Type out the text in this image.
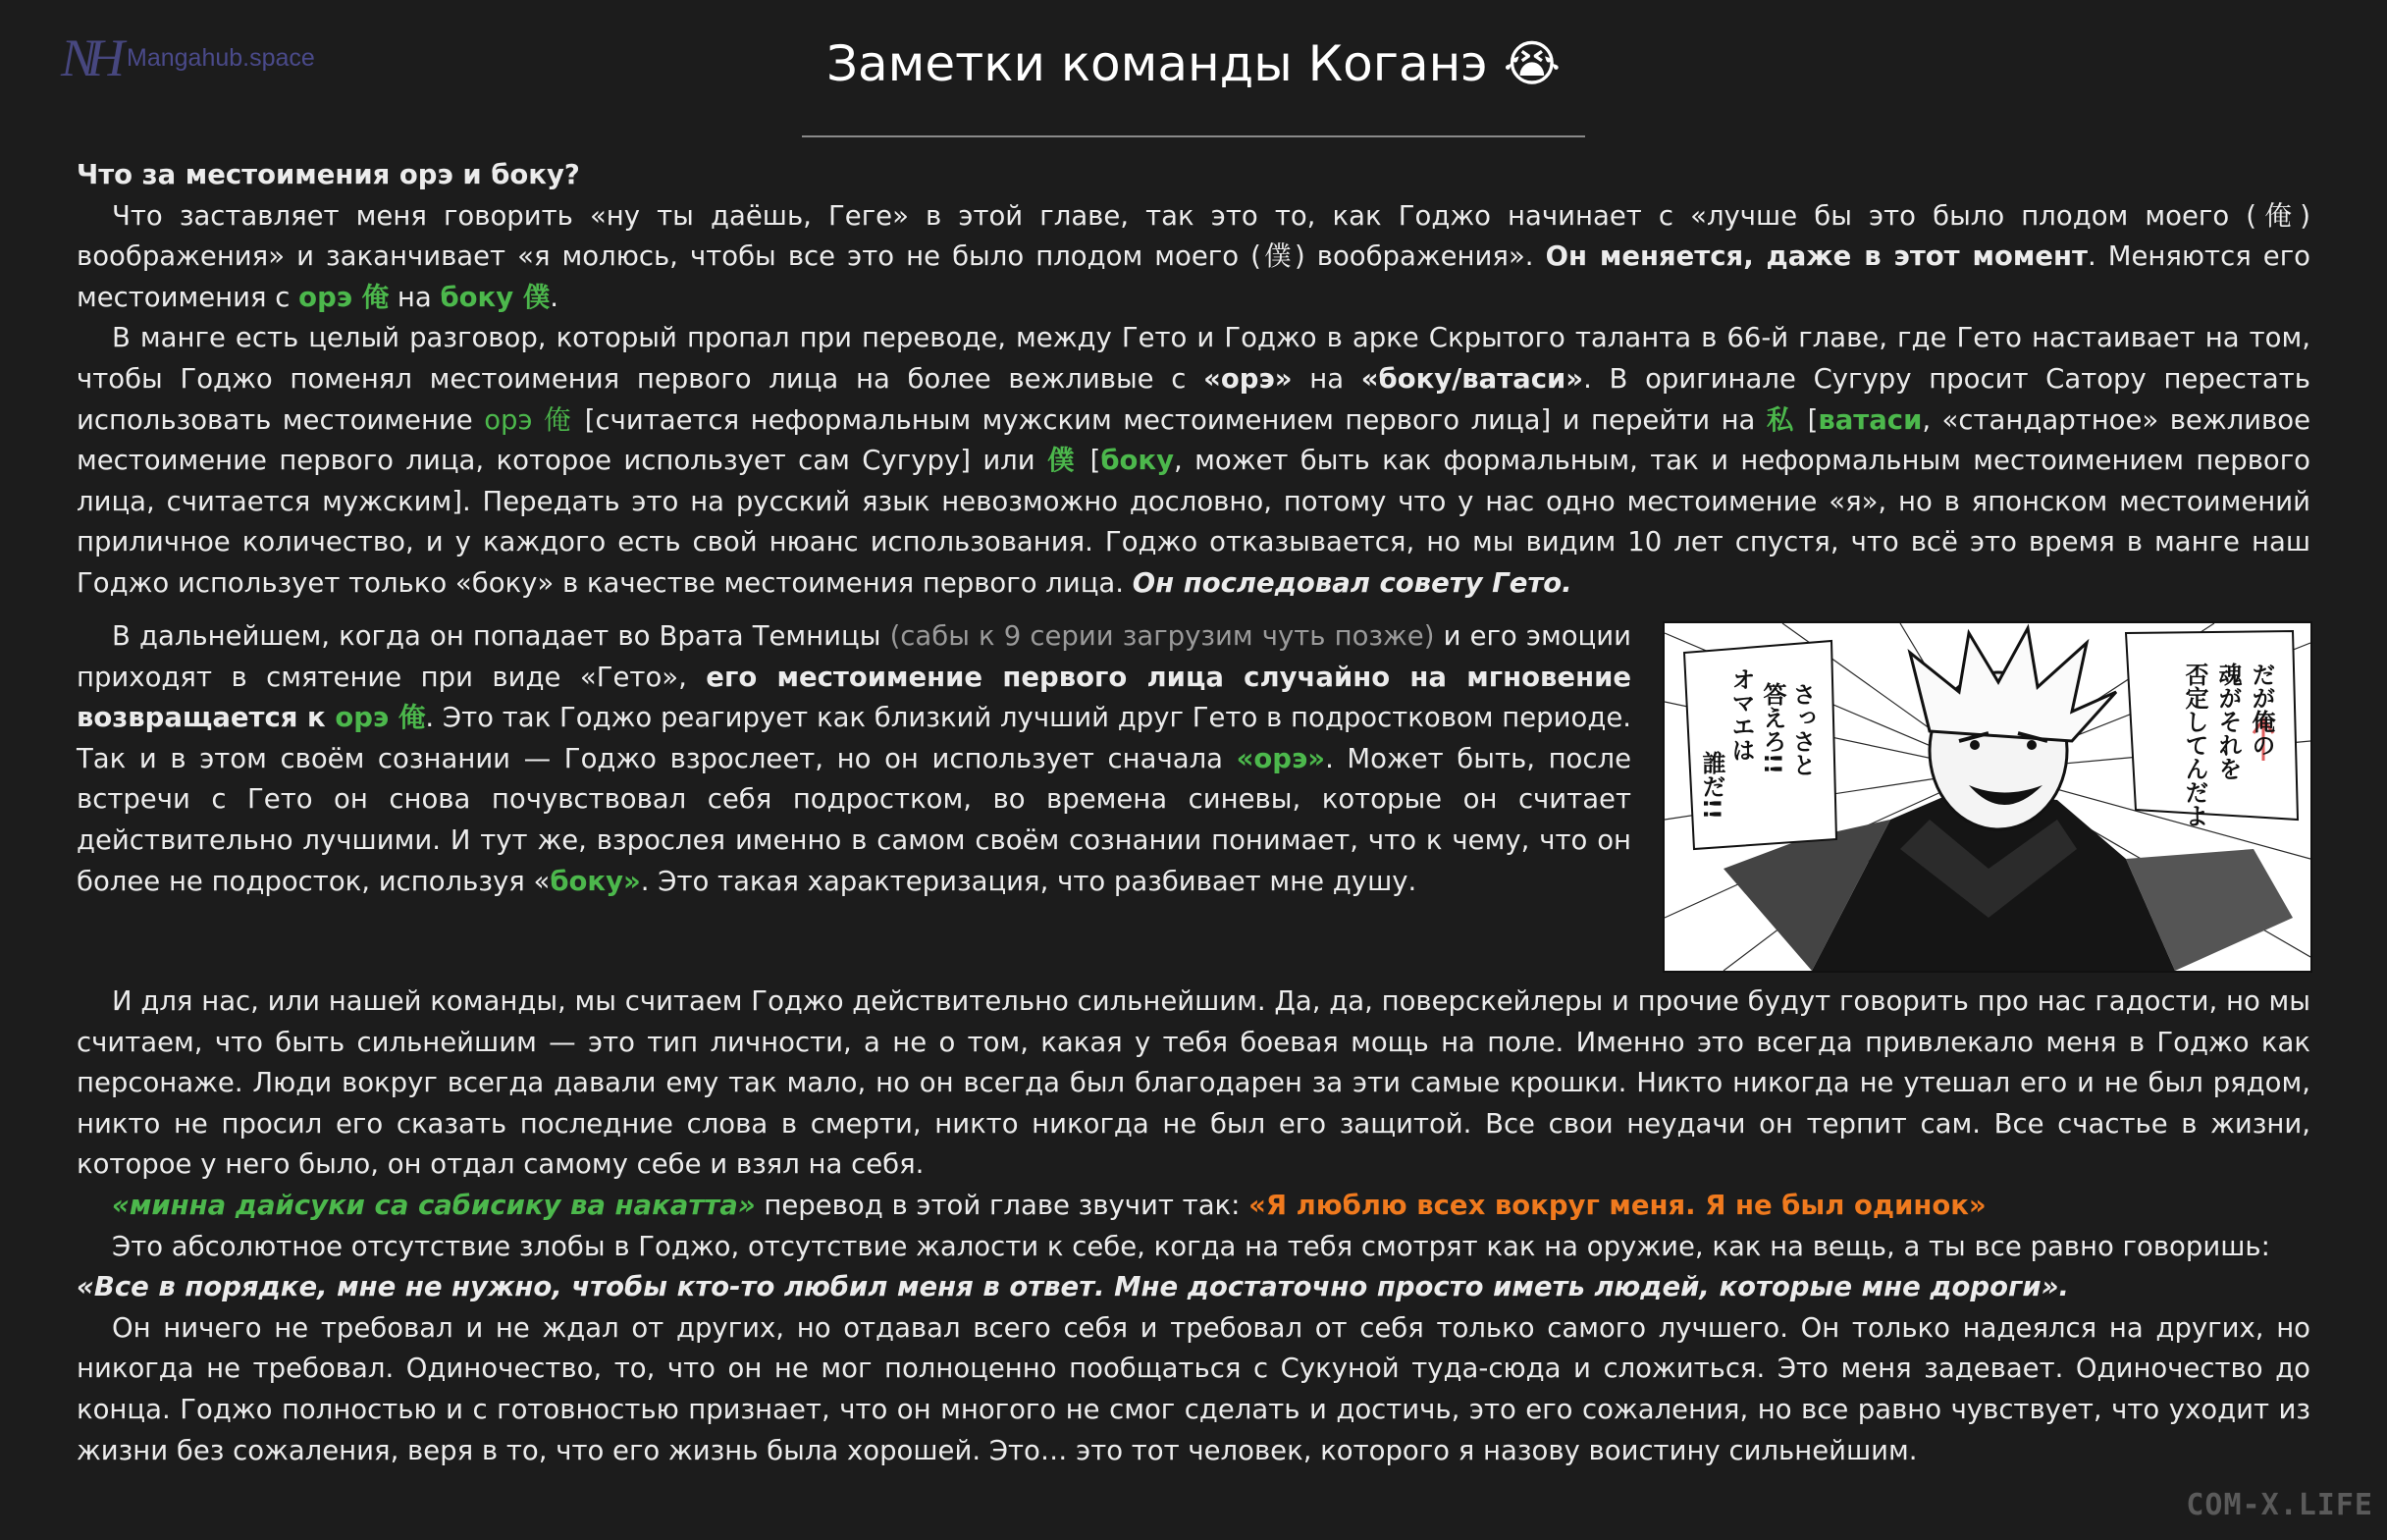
NH Mangahub.space	Заметки команды Коганэ 😭

Что за местоимения орэ и боку?

Что заставляет меня говорить «ну ты даёшь, Геге» в этой главе, так это то, как Годжо начинает с «лучше бы это было плодом моего (俺) воображения» и заканчивает «я молюсь, чтобы все это не было плодом моего (僕) воображения». Он меняется, даже в этот момент. Меняются его местоимения с орэ 俺 на боку 僕.

В манге есть целый разговор, который пропал при переводе, между Гето и Годжо в арке Скрытого таланта в 66-й главе, где Гето настаивает на том, чтобы Годжо поменял местоимения первого лица на более вежливые с «орэ» на «боку/ватаси». В оригинале Сугуру просит Сатору перестать использовать местоимение орэ 俺 [считается неформальным мужским местоимением первого лица] и перейти на 私 [ватаси, «стандартное» вежливое местоимение первого лица, которое использует сам Сугуру] или 僕 [боку, может быть как формальным, так и неформальным местоимением первого лица, считается мужским]. Передать это на русский язык невозможно дословно, потому что у нас одно местоимение «я», но в японском местоимений приличное количество, и у каждого есть свой нюанс использования. Годжо отказывается, но мы видим 10 лет спустя, что всё это время в манге наш Годжо использует только «боку» в качестве местоимения первого лица. Он последовал совету Гето.

В дальнейшем, когда он попадает во Врата Темницы (сабы к 9 серии загрузим чуть позже) и его эмоции приходят в смятение при виде «Гето», его местоимение первого лица случайно на мгновение возвращается к орэ 俺. Это так Годжо реагирует как близкий лучший друг Гето в подростковом периоде. Так и в этом своём сознании — Годжо взрослеет, но он использует сначала «орэ». Может быть, после встречи с Гето он снова почувствовал себя подростком, во времена синевы, которые он считает действительно лучшими. И тут же, взрослея именно в самом своём сознании понимает, что к чему, что он более не подросток, используя «боку». Это такая характеризация, что разбивает мне душу.

さっさと
答えろ!!
オマエは
誰だ!!
だが俺の
魂がそれを
否定してんだよ

И для нас, или нашей команды, мы считаем Годжо действительно сильнейшим. Да, да, поверскейлеры и прочие будут говорить про нас гадости, но мы считаем, что быть сильнейшим — это тип личности, а не о том, какая у тебя боевая мощь на поле. Именно это всегда привлекало меня в Годжо как персонаже. Люди вокруг всегда давали ему так мало, но он всегда был благодарен за эти самые крошки. Никто никогда не утешал его и не был рядом, никто не просил его сказать последние слова в смерти, никто никогда не был его защитой. Все свои неудачи он терпит сам. Все счастье в жизни, которое у него было, он отдал самому себе и взял на себя.

«минна дайсуки са сабисику ва накатта» перевод в этой главе звучит так: «Я люблю всех вокруг меня. Я не был одинок»

Это абсолютное отсутствие злобы в Годжо, отсутствие жалости к себе, когда на тебя смотрят как на оружие, как на вещь, а ты все равно говоришь:

«Все в порядке, мне не нужно, чтобы кто-то любил меня в ответ. Мне достаточно просто иметь людей, которые мне дороги».

Он ничего не требовал и не ждал от других, но отдавал всего себя и требовал от себя только самого лучшего. Он только надеялся на других, но никогда не требовал. Одиночество, то, что он не мог полноценно пообщаться с Сукуной туда-сюда и сложиться. Это меня задевает. Одиночество до конца. Годжо полностью и с готовностью признает, что он многого не смог сделать и достичь, это его сожаления, но все равно чувствует, что уходит из жизни без сожаления, веря в то, что его жизнь была хорошей. Это… это тот человек, которого я назову воистину сильнейшим.

COM-X.LIFE
